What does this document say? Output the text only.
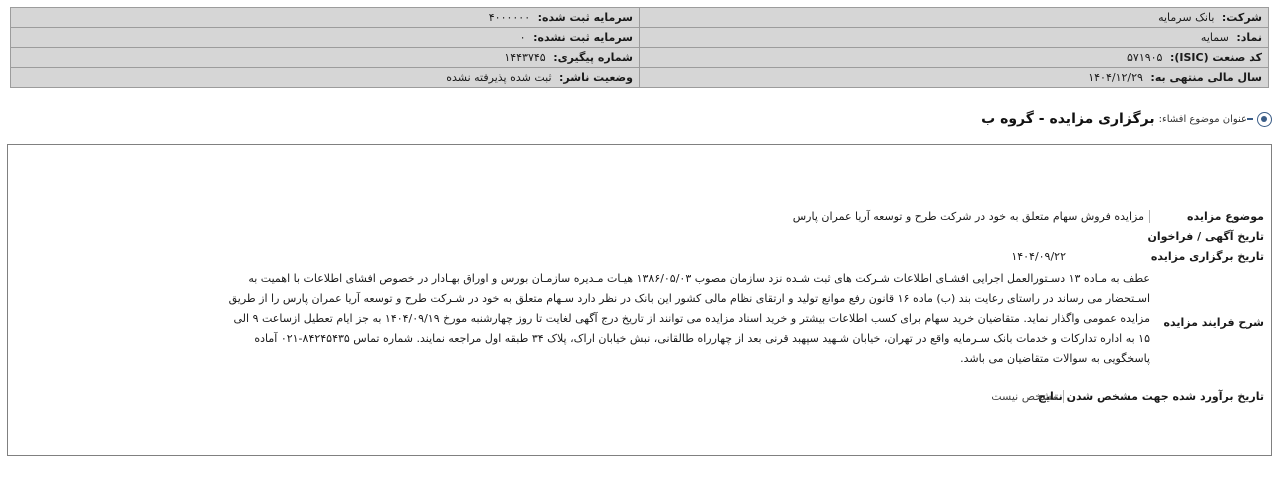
شرکت: بانک سرمایه	سرمایه ثبت شده: ۴۰۰۰۰۰۰
نماد: سمایه	سرمایه ثبت نشده: ۰
کد صنعت (ISIC): ۵۷۱۹۰۵	شماره پیگیری: ۱۴۴۳۷۴۵
سال مالی منتهی به: ۱۴۰۴/۱۲/۲۹	وضعیت ناشر: ثبت شده پذیرفته نشده
عنوان موضوع افشاء:
برگزاری مزایده - گروه ب
موضوع مزایده
مزایده فروش سهام متعلق به خود در شرکت طرح و توسعه آریا عمران پارس
تاریخ آگهی / فراخوان
تاریخ برگزاری مزایده
۱۴۰۴/۰۹/۲۲
شرح فرایند مزایده
عطف به مـاده ۱۳ دسـتورالعمل اجرایی افشـای اطلاعات شـرکت های ثبت شـده نزد سازمان مصوب ۱۳۸۶/۰۵/۰۳ هیـات مـدیره سازمـان بورس و اوراق بهـادار در خصوص افشای اطلاعات با اهمیت به
اسـتحضار می رساند در راستای رعایت بند (ب) ماده ۱۶ قانون رفع موانع تولید و ارتقای نظام مالی کشور این بانک در نظر دارد سـهام متعلق به خود در شـرکت طرح و توسعه آریا عمران پارس را از طریق
مزایده عمومی واگذار نماید. متقاضیان خرید سهام برای کسب اطلاعات بیشتر و خرید اسناد مزایده می توانند از تاریخ درج آگهی لغایت تا روز چهارشنبه مورخ ۱۴۰۴/۰۹/۱۹ به جز ایام تعطیل ازساعت ۹ الی
۱۵ به اداره تدارکات و خدمات بانک سـرمایه واقع در تهران، خیابان شـهید سپهبد قرنی بعد از چهارراه طالقانی، نبش خیابان اراک، پلاک ۳۴ طبقه اول مراجعه نمایند. شماره تماس ۸۴۲۴۵۴۳۵-۰۲۱ آماده
پاسخگویی به سوالات متقاضیان می باشد.
تاریخ برآورد شده جهت مشخص شدن نتایج
مشخص نیست
